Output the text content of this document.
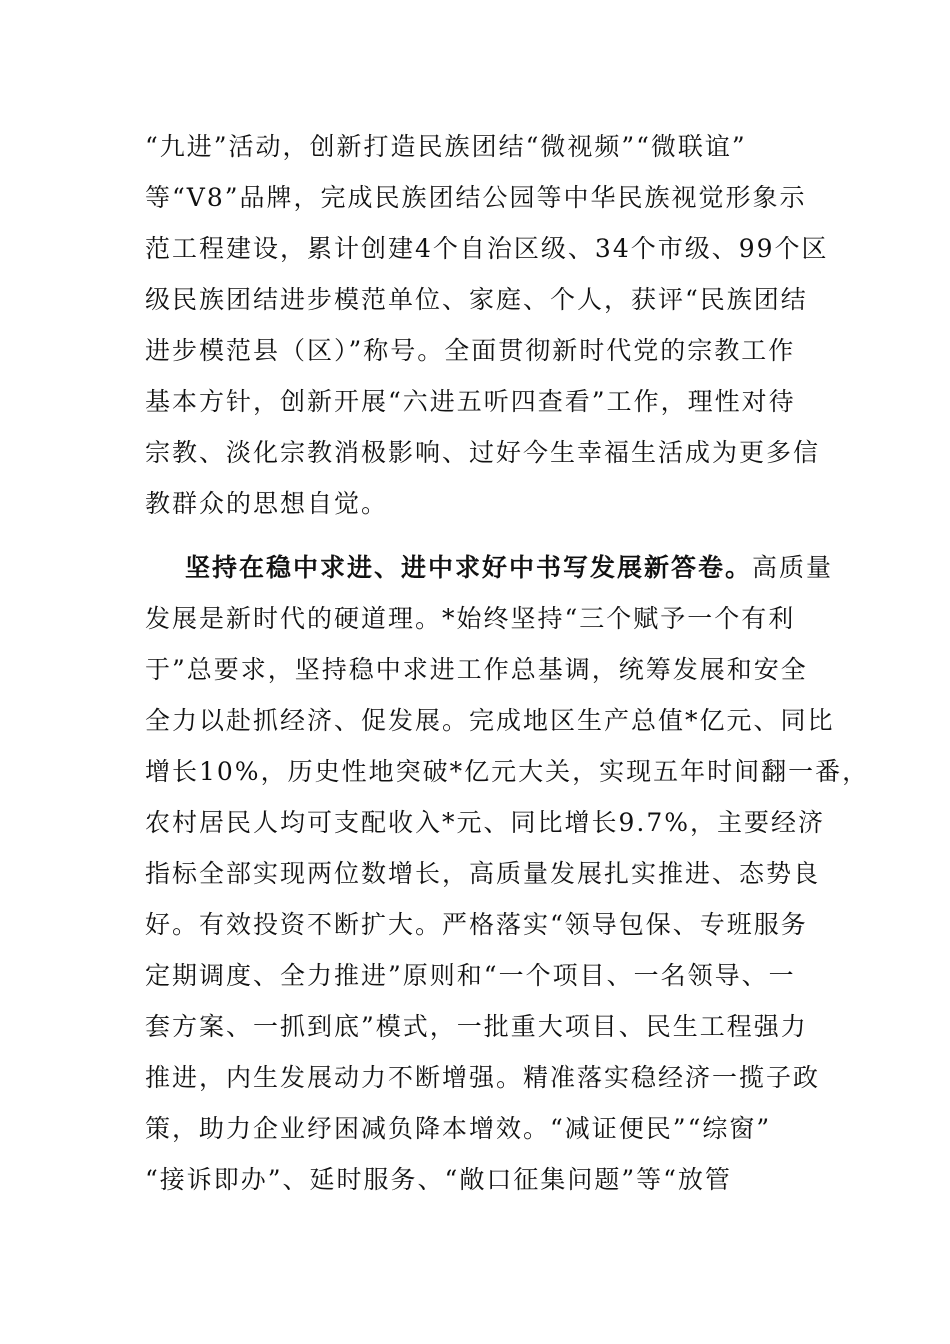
“九进”活动，创新打造民族团结“微视频”“微联谊”
等“V8”品牌，完成民族团结公园等中华民族视觉形象示
范工程建设，累计创建4个自治区级、34个市级、99个区
级民族团结进步模范单位、家庭、个人，获评“民族团结
进步模范县（区）”称号。全面贯彻新时代党的宗教工作
基本方针，创新开展“六进五听四查看”工作，理性对待
宗教、淡化宗教消极影响、过好今生幸福生活成为更多信
教群众的思想自觉。
坚持在稳中求进、进中求好中书写发展新答卷。高质量
发展是新时代的硬道理。*始终坚持“三个赋予一个有利
于”总要求，坚持稳中求进工作总基调，统筹发展和安全
全力以赴抓经济、促发展。完成地区生产总值*亿元、同比
增长10%，历史性地突破*亿元大关，实现五年时间翻一番，
农村居民人均可支配收入*元、同比增长9.7%，主要经济
指标全部实现两位数增长，高质量发展扎实推进、态势良
好。有效投资不断扩大。严格落实“领导包保、专班服务
定期调度、全力推进”原则和“一个项目、一名领导、一
套方案、一抓到底”模式，一批重大项目、民生工程强力
推进，内生发展动力不断增强。精准落实稳经济一揽子政
策，助力企业纾困减负降本增效。“减证便民”“综窗”
“接诉即办”、延时服务、“敞口征集问题”等“放管
